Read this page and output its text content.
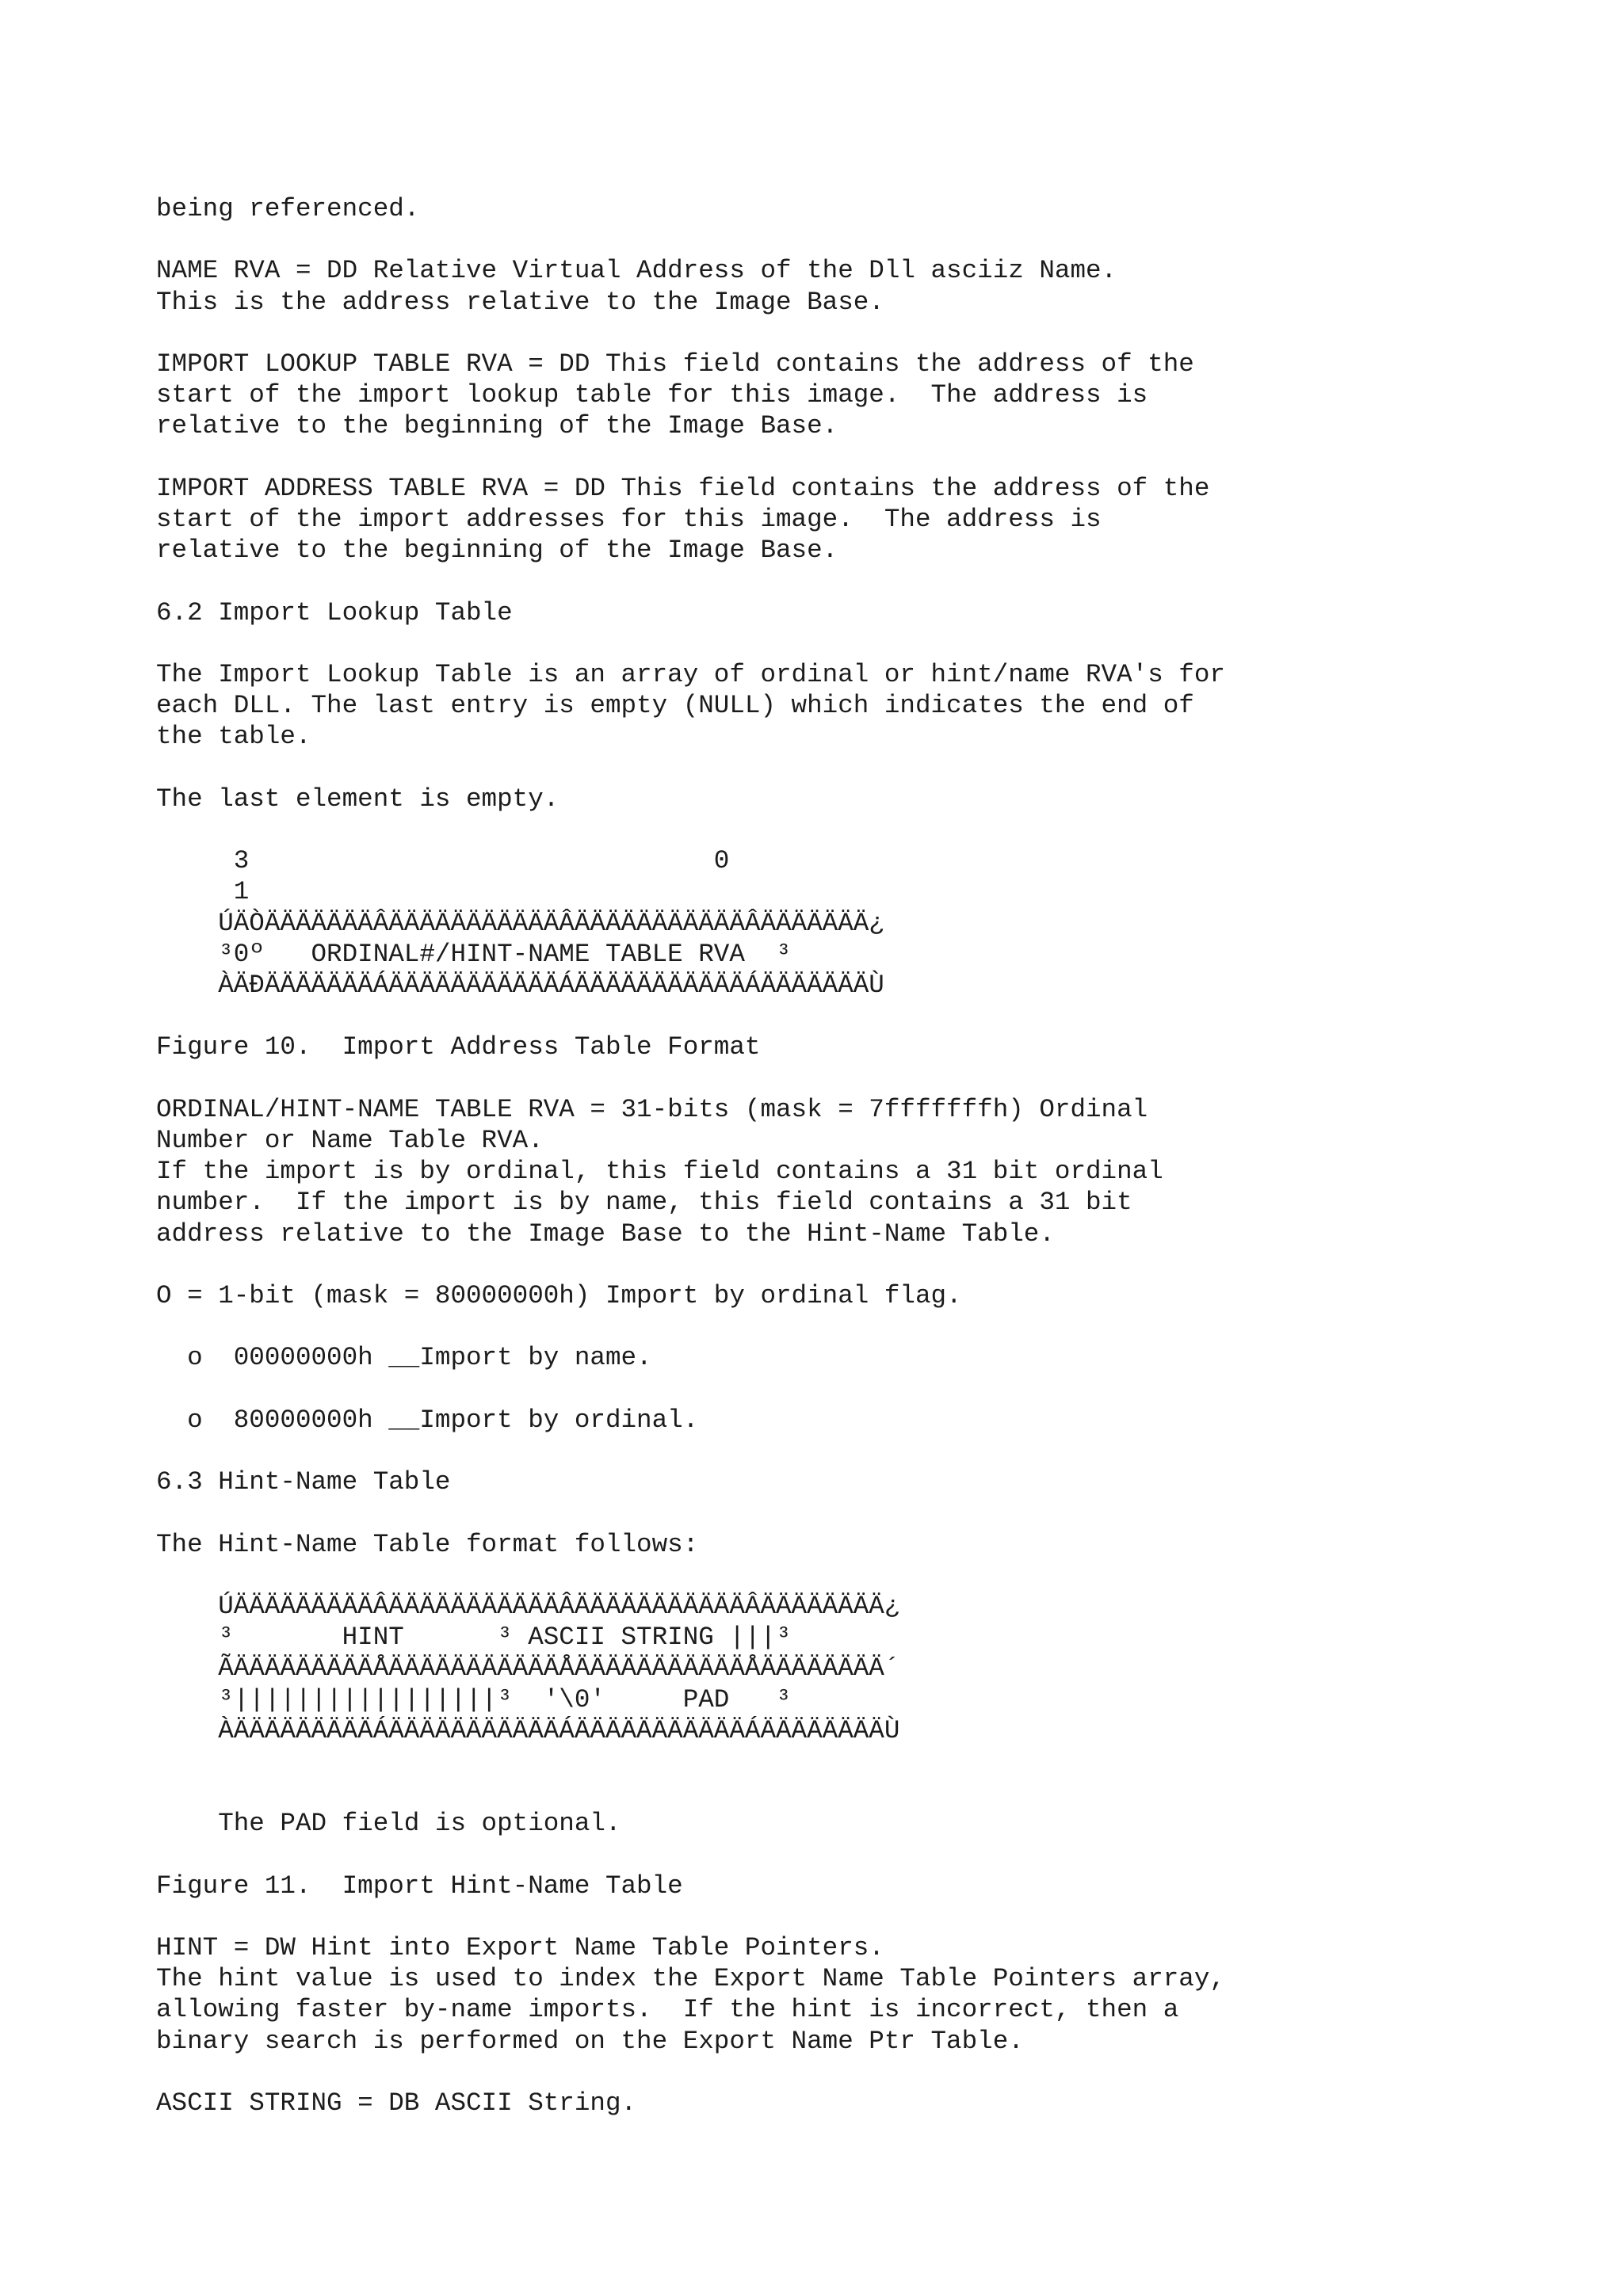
being referenced.
NAME RVA = DD Relative Virtual Address of the Dll asciiz Name.
This is the address relative to the Image Base.
IMPORT LOOKUP TABLE RVA = DD This field contains the address of the
start of the import lookup table for this image.  The address is
relative to the beginning of the Image Base.
IMPORT ADDRESS TABLE RVA = DD This field contains the address of the
start of the import addresses for this image.  The address is
relative to the beginning of the Image Base.
6.2 Import Lookup Table
The Import Lookup Table is an array of ordinal or hint/name RVA's for
each DLL. The last entry is empty (NULL) which indicates the end of
the table.
The last element is empty.
3                              0
1
ÚÄÒÄÄÄÄÄÄÄÂÄÄÄÄÄÄÄÄÄÄÄÂÄÄÄÄÄÄÄÄÄÄÄÂÄÄÄÄÄÄÄ¿
³0º   ORDINAL#/HINT-NAME TABLE RVA  ³
ÀÄÐÄÄÄÄÄÄÄÁÄÄÄÄÄÄÄÄÄÄÄÁÄÄÄÄÄÄÄÄÄÄÄÁÄÄÄÄÄÄÄÙ
Figure 10.  Import Address Table Format
ORDINAL/HINT-NAME TABLE RVA = 31-bits (mask = 7fffffffh) Ordinal
Number or Name Table RVA.
If the import is by ordinal, this field contains a 31 bit ordinal
number.  If the import is by name, this field contains a 31 bit
address relative to the Image Base to the Hint-Name Table.
O = 1-bit (mask = 80000000h) Import by ordinal flag.
o  00000000h __Import by name.
o  80000000h __Import by ordinal.
6.3 Hint-Name Table
The Hint-Name Table format follows:
ÚÄÄÄÄÄÄÄÄÄÂÄÄÄÄÄÄÄÄÄÄÄÂÄÄÄÄÄÄÄÄÄÄÄÂÄÄÄÄÄÄÄÄ¿
³       HINT      ³ ASCII STRING |||³
ÃÄÄÄÄÄÄÄÄÄÅÄÄÄÄÄÄÄÄÄÄÄÅÄÄÄÄÄÄÄÄÄÄÄÅÄÄÄÄÄÄÄÄ´
³|||||||||||||||||³  '\0'     PAD   ³
ÀÄÄÄÄÄÄÄÄÄÁÄÄÄÄÄÄÄÄÄÄÄÁÄÄÄÄÄÄÄÄÄÄÄÁÄÄÄÄÄÄÄÄÙ
The PAD field is optional.
Figure 11.  Import Hint-Name Table
HINT = DW Hint into Export Name Table Pointers.
The hint value is used to index the Export Name Table Pointers array,
allowing faster by-name imports.  If the hint is incorrect, then a
binary search is performed on the Export Name Ptr Table.
ASCII STRING = DB ASCII String.
